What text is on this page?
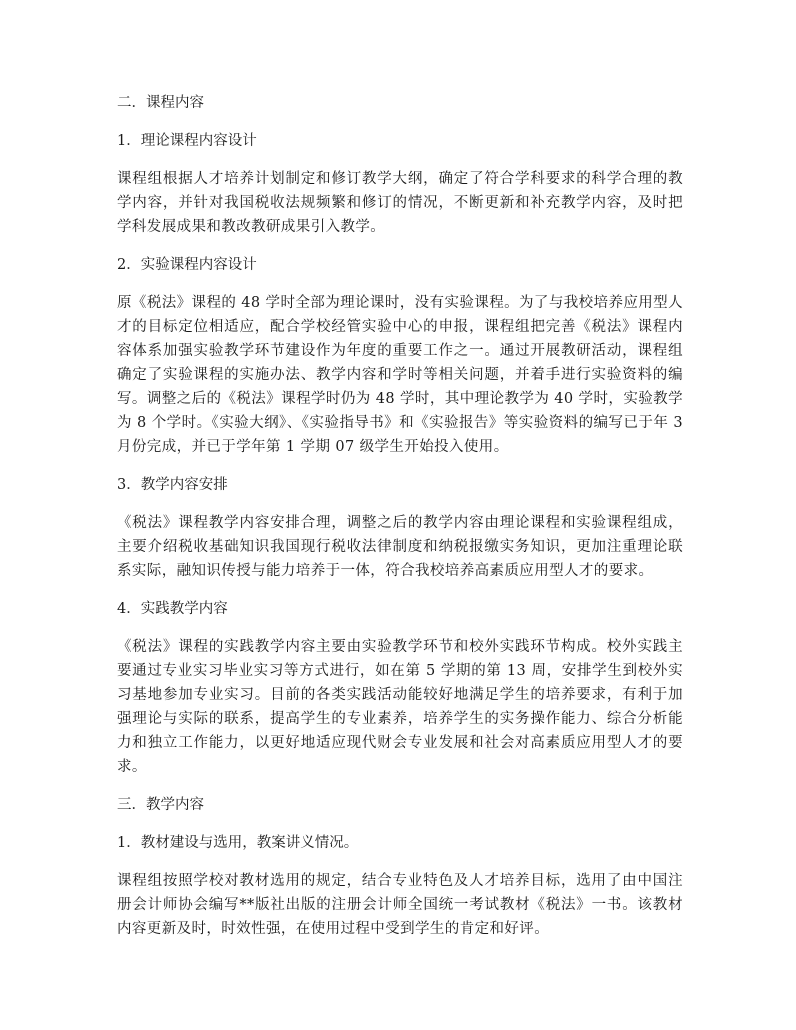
二．课程内容
1．理论课程内容设计

课程组根据人才培养计划制定和修订教学大纲，确定了符合学科要求的科学合理的教学内容，并针对我国税收法规频繁和修订的情况，不断更新和补充教学内容，及时把学科发展成果和教改教研成果引入教学。

2．实验课程内容设计

原《税法》课程的 48 学时全部为理论课时，没有实验课程。为了与我校培养应用型人才的目标定位相适应，配合学校经管实验中心的申报，课程组把完善《税法》课程内容体系加强实验教学环节建设作为年度的重要工作之一。通过开展教研活动，课程组确定了实验课程的实施办法、教学内容和学时等相关问题，并着手进行实验资料的编写。调整之后的《税法》课程学时仍为 48 学时，其中理论教学为 40 学时，实验教学为 8 个学时。《实验大纲》、《实验指导书》和《实验报告》等实验资料的编写已于年 3 月份完成，并已于学年第 1 学期 07 级学生开始投入使用。

3．教学内容安排

《税法》课程教学内容安排合理，调整之后的教学内容由理论课程和实验课程组成，主要介绍税收基础知识我国现行税收法律制度和纳税报缴实务知识，更加注重理论联系实际，融知识传授与能力培养于一体，符合我校培养高素质应用型人才的要求。

4．实践教学内容

《税法》课程的实践教学内容主要由实验教学环节和校外实践环节构成。校外实践主要通过专业实习毕业实习等方式进行，如在第 5 学期的第 13 周，安排学生到校外实习基地参加专业实习。目前的各类实践活动能较好地满足学生的培养要求，有利于加强理论与实际的联系，提高学生的专业素养，培养学生的实务操作能力、综合分析能力和独立工作能力，以更好地适应现代财会专业发展和社会对高素质应用型人才的要求。

三．教学内容
1．教材建设与选用，教案讲义情况。

课程组按照学校对教材选用的规定，结合专业特色及人才培养目标，选用了由中国注册会计师协会编写**版社出版的注册会计师全国统一考试教材《税法》一书。该教材内容更新及时，时效性强，在使用过程中受到学生的肯定和好评。
